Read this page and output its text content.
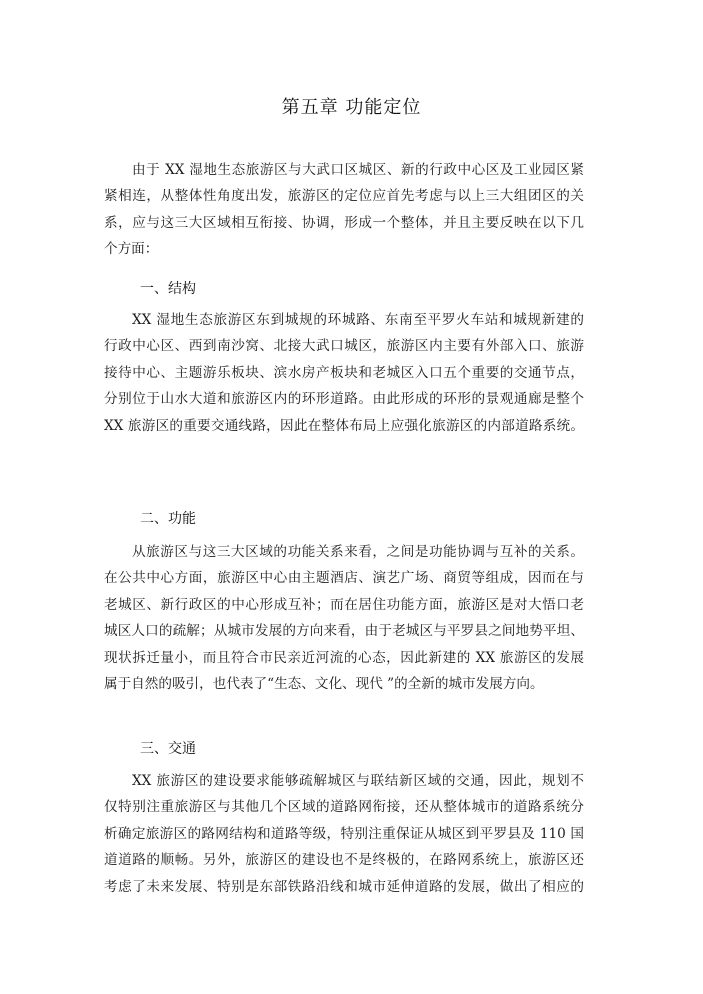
第五章 功能定位
由于 XX 湿地生态旅游区与大武口区城区、新的行政中心区及工业园区紧
紧相连，从整体性角度出发，旅游区的定位应首先考虑与以上三大组团区的关
系，应与这三大区域相互衔接、协调，形成一个整体，并且主要反映在以下几
个方面：
一、结构
XX 湿地生态旅游区东到城规的环城路、东南至平罗火车站和城规新建的
行政中心区、西到南沙窝、北接大武口城区，旅游区内主要有外部入口、旅游
接待中心、主题游乐板块、滨水房产板块和老城区入口五个重要的交通节点，
分别位于山水大道和旅游区内的环形道路。由此形成的环形的景观通廊是整个
XX 旅游区的重要交通线路，因此在整体布局上应强化旅游区的内部道路系统。
二、功能
从旅游区与这三大区域的功能关系来看，之间是功能协调与互补的关系。
在公共中心方面，旅游区中心由主题酒店、演艺广场、商贸等组成，因而在与
老城区、新行政区的中心形成互补；而在居住功能方面，旅游区是对大悟口老
城区人口的疏解；从城市发展的方向来看，由于老城区与平罗县之间地势平坦、
现状拆迁量小，而且符合市民亲近河流的心态，因此新建的 XX 旅游区的发展
属于自然的吸引，也代表了“生态、文化、现代 ”的全新的城市发展方向。
三、交通
XX 旅游区的建设要求能够疏解城区与联结新区域的交通，因此，规划不
仅特别注重旅游区与其他几个区域的道路网衔接，还从整体城市的道路系统分
析确定旅游区的路网结构和道路等级，特别注重保证从城区到平罗县及 110 国
道道路的顺畅。另外，旅游区的建设也不是终极的，在路网系统上，旅游区还
考虑了未来发展、特别是东部铁路沿线和城市延伸道路的发展，做出了相应的
